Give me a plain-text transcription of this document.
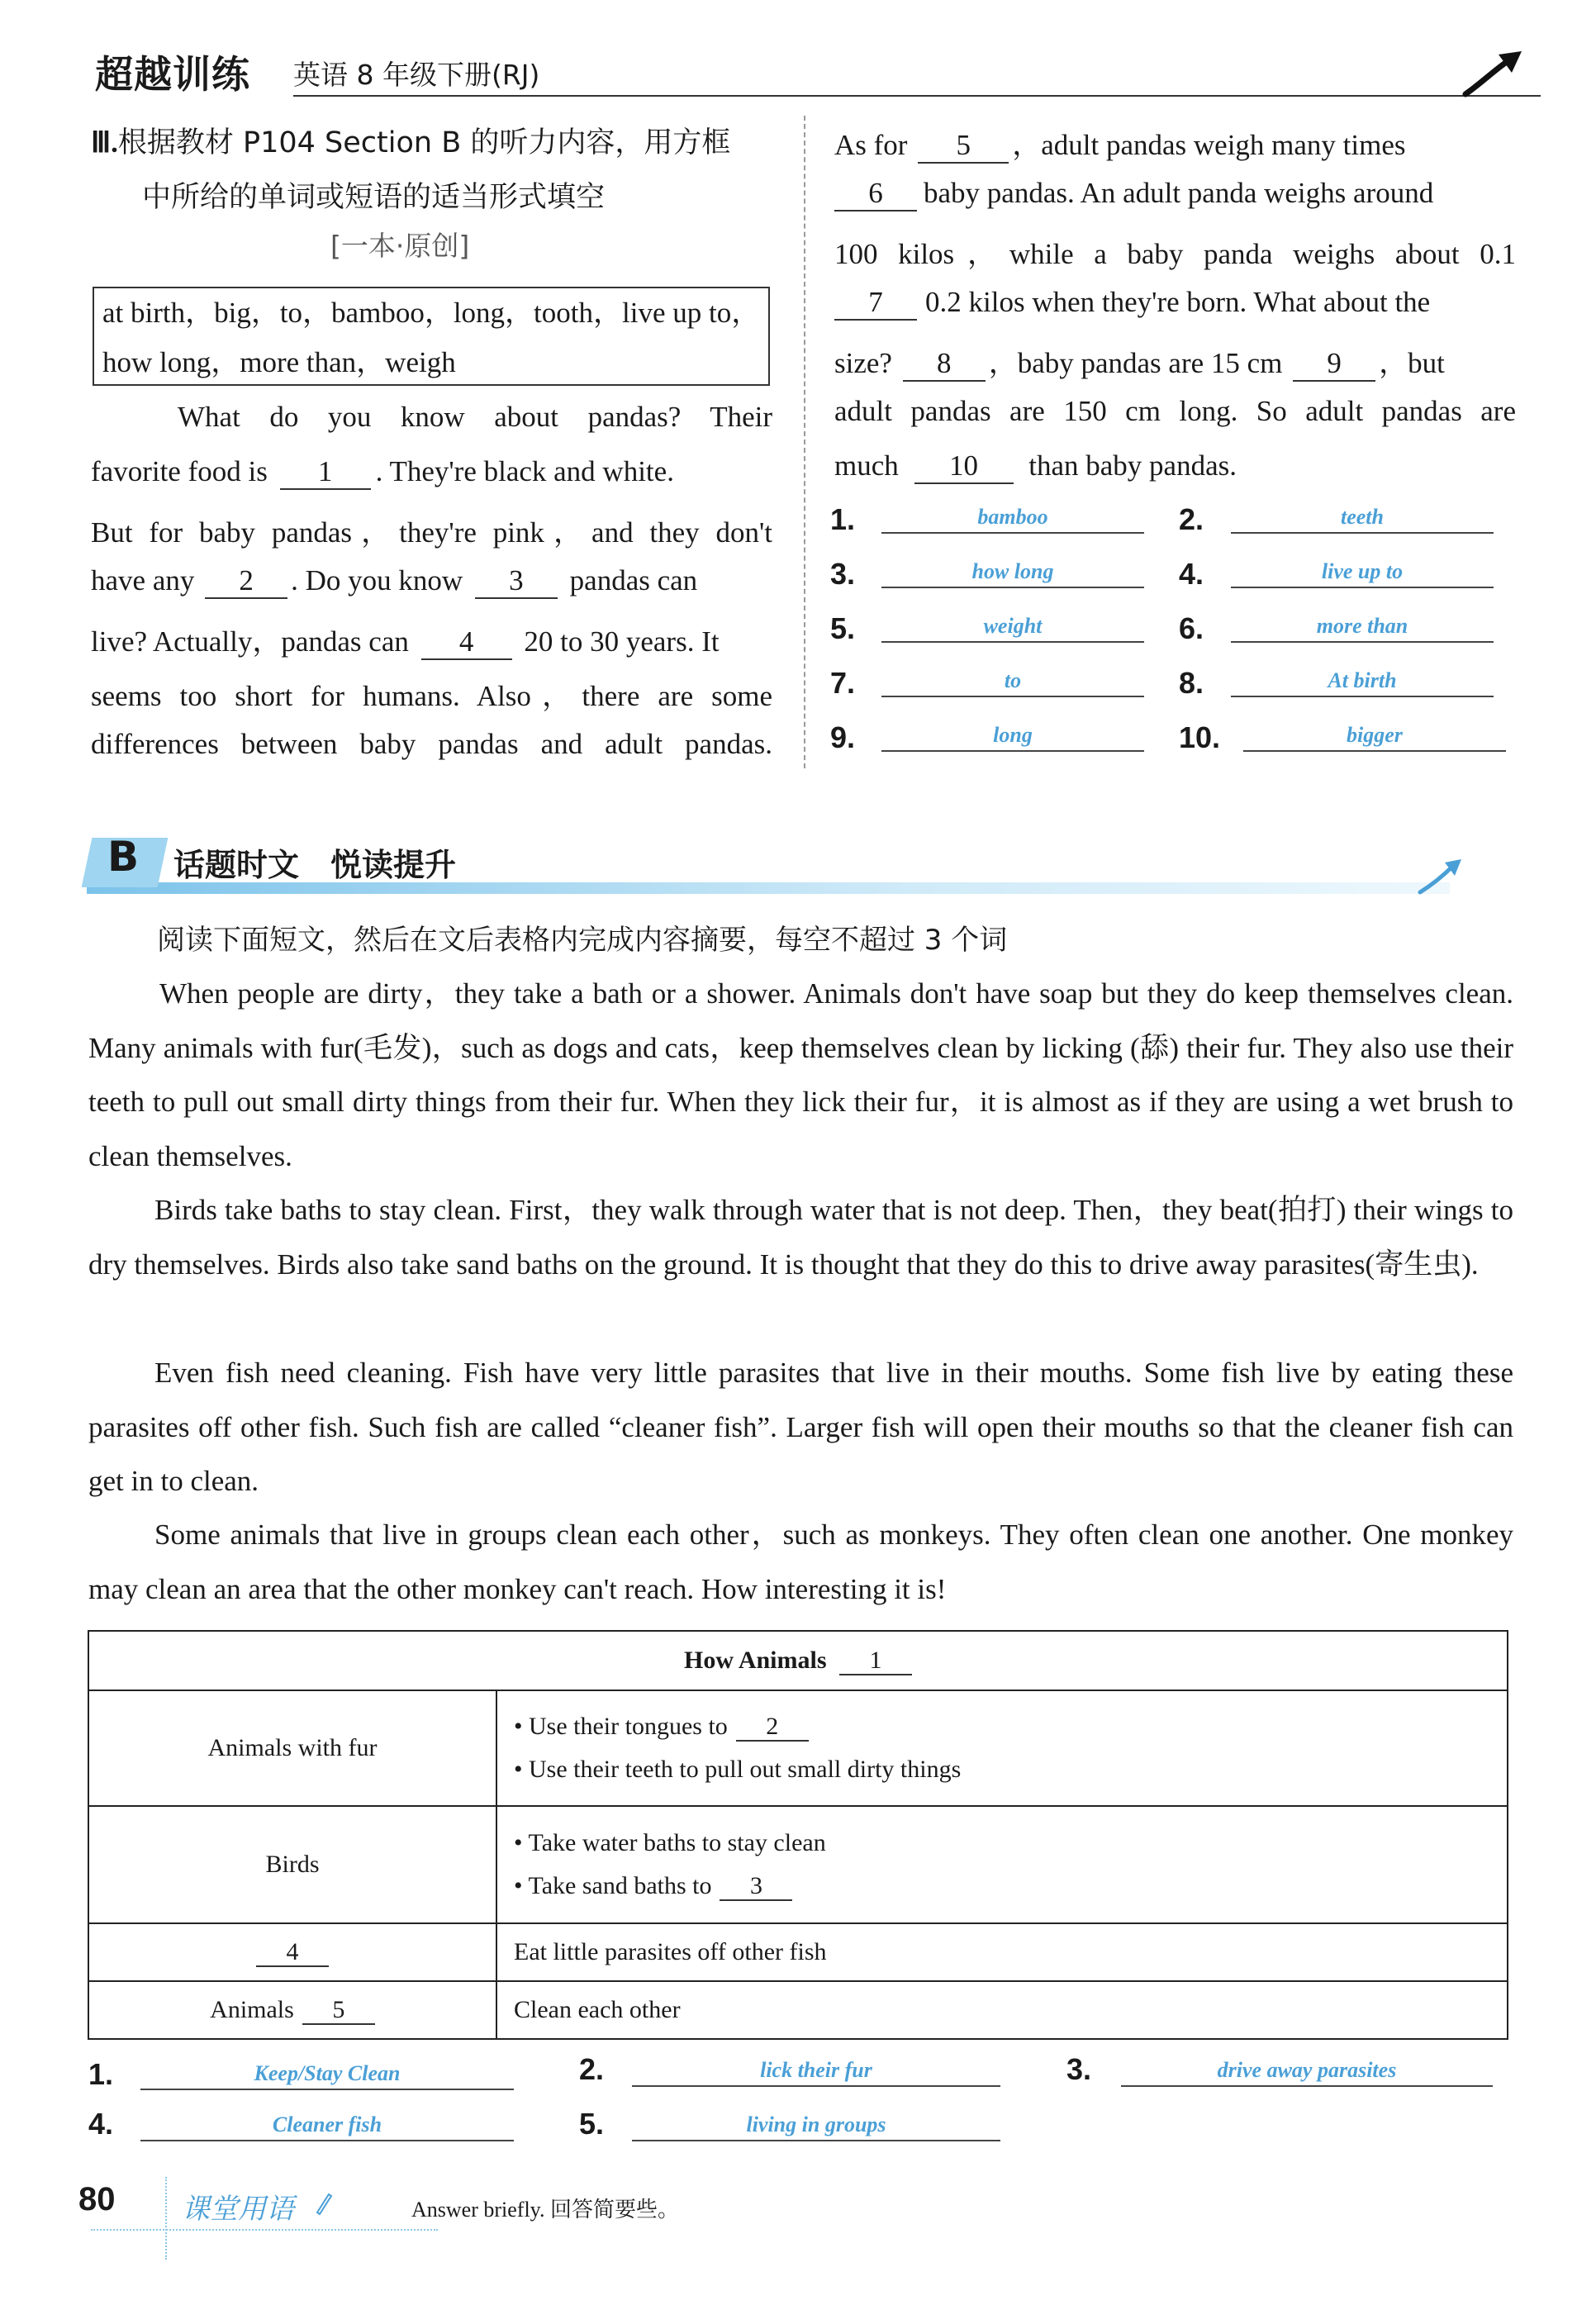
超越训练 英语 8 年级下册(RJ)
Ⅲ.根据教材 P104 Section B 的听力内容，用方框
中所给的单词或短语的适当形式填空
[一本·原创]
at birth，big，to，bamboo，long，tooth，live up to，
how long，more than，weigh
What do you know about pandas? Their
favorite food is 1 . They're black and white.
But for baby pandas，they're pink，and they don't
have any 2 . Do you know 3 pandas can
live? Actually，pandas can 4 20 to 30 years. It
seems too short for humans. Also，there are some
differences between baby pandas and adult pandas.
As for 5 ，adult pandas weigh many times
6 baby pandas. An adult panda weighs around
100 kilos，while a baby panda weighs about 0.1
7 0.2 kilos when they're born. What about the
size? 8 ，baby pandas are 15 cm 9 ，but
adult pandas are 150 cm long. So adult pandas are
much 10 than baby pandas.
1.	bamboo	2.	teeth
3.	how long	4.	live up to
5.	weight	6.	more than
7.	to	8.	At birth
9.	long	10.	bigger
B 话题时文　悦读提升
阅读下面短文，然后在文后表格内完成内容摘要，每空不超过 3 个词
When people are dirty，they take a bath or a shower. Animals don't have soap but they do keep themselves clean. Many animals with fur(毛发)，such as dogs and cats，keep themselves clean by licking (舔) their fur. They also use their teeth to pull out small dirty things from their fur. When they lick their fur，it is almost as if they are using a wet brush to clean themselves.
Birds take baths to stay clean. First，they walk through water that is not deep. Then，they beat(拍打) their wings to dry themselves. Birds also take sand baths on the ground. It is thought that they do this to drive away parasites(寄生虫).
Even fish need cleaning. Fish have very little parasites that live in their mouths. Some fish live by eating these parasites off other fish. Such fish are called “cleaner fish”. Larger fish will open their mouths so that the cleaner fish can get in to clean.
Some animals that live in groups clean each other，such as monkeys. They often clean one another. One monkey may clean an area that the other monkey can't reach. How interesting it is!
How Animals 1	
Animals with fur	• Use their tongues to 2
• Use their teeth to pull out small dirty things

Birds	• Take water baths to stay clean
• Take sand baths to 3

4	Eat little parasites off other fish
Animals 5	Clean each other
1.	Keep/Stay Clean	2.	lick their fur	3.	drive away parasites
4.	Cleaner fish	5.	living in groups
80 课堂用语	Answer briefly. 回答简要些。
